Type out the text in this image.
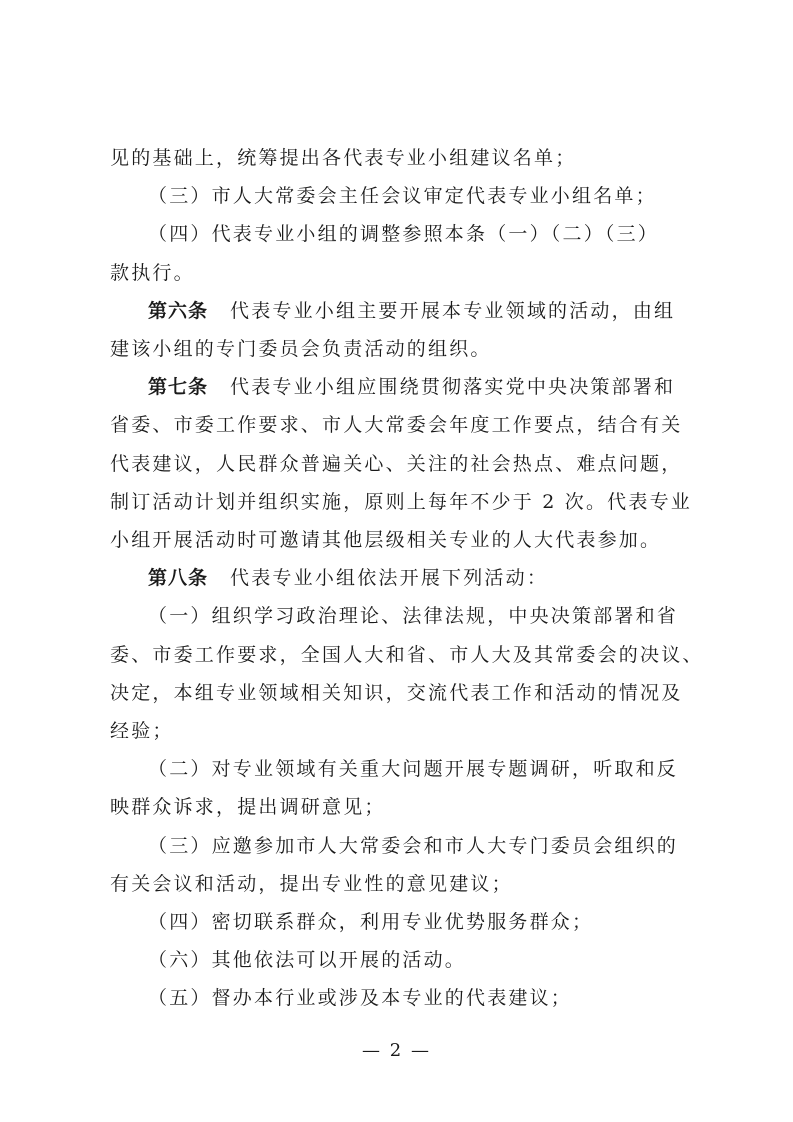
见的基础上，统筹提出各代表专业小组建议名单；
（三）市人大常委会主任会议审定代表专业小组名单；
（四）代表专业小组的调整参照本条（一）（二）（三）
款执行。
第六条 代表专业小组主要开展本专业领域的活动，由组
建该小组的专门委员会负责活动的组织。
第七条 代表专业小组应围绕贯彻落实党中央决策部署和
省委、市委工作要求、市人大常委会年度工作要点，结合有关
代表建议，人民群众普遍关心、关注的社会热点、难点问题，
制订活动计划并组织实施，原则上每年不少于 2 次。代表专业
小组开展活动时可邀请其他层级相关专业的人大代表参加。
第八条 代表专业小组依法开展下列活动：
（一）组织学习政治理论、法律法规，中央决策部署和省
委、市委工作要求，全国人大和省、市人大及其常委会的决议、
决定，本组专业领域相关知识，交流代表工作和活动的情况及
经验；
（二）对专业领域有关重大问题开展专题调研，听取和反
映群众诉求，提出调研意见；
（三）应邀参加市人大常委会和市人大专门委员会组织的
有关会议和活动，提出专业性的意见建议；
（四）密切联系群众，利用专业优势服务群众；
（五）督办本行业或涉及本专业的代表建议；
— 2 —
（六）其他依法可以开展的活动。
